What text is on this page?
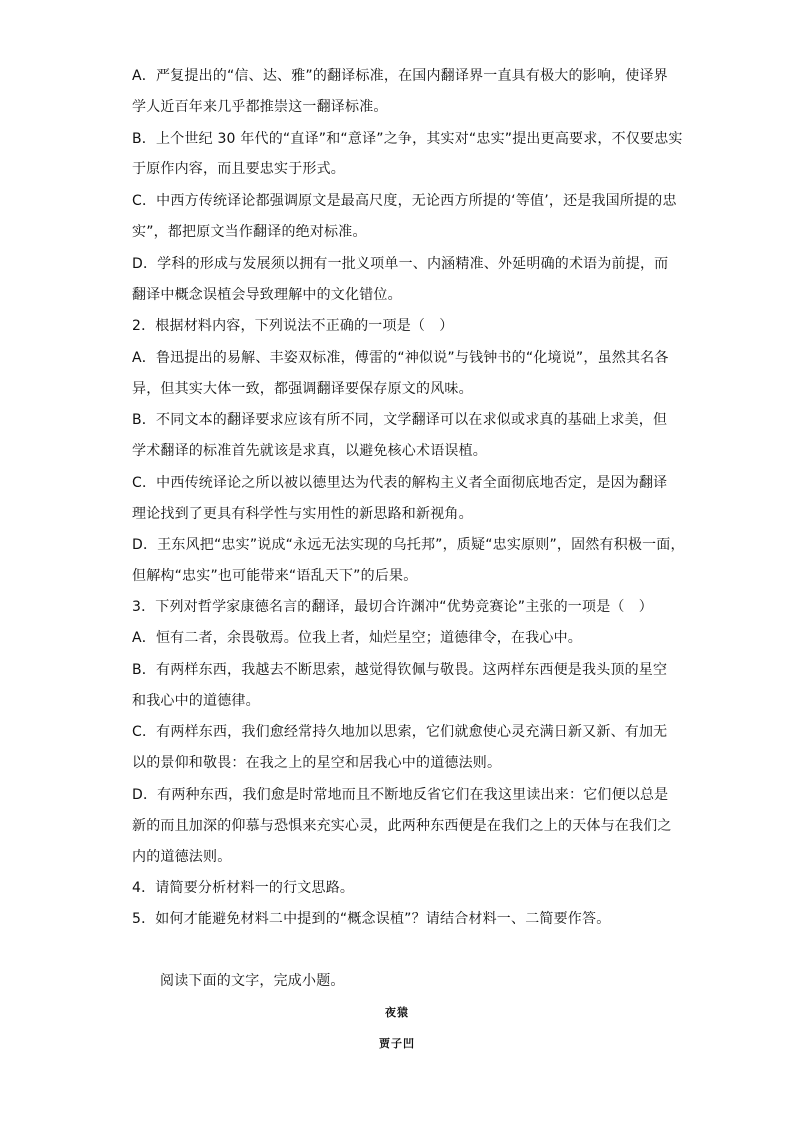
A．严复提出的“信、达、雅”的翻译标准，在国内翻译界一直具有极大的影响，使译界
学人近百年来几乎都推崇这一翻译标准。
B．上个世纪 30 年代的“直译”和“意译”之争，其实对“忠实”提出更高要求，不仅要忠实
于原作内容，而且要忠实于形式。
C．中西方传统译论都强调原文是最高尺度，无论西方所提的‘等值’，还是我国所提的忠
实”，都把原文当作翻译的绝对标准。
D．学科的形成与发展须以拥有一批义项单一、内涵精准、外延明确的术语为前提，而
翻译中概念误植会导致理解中的文化错位。
2．根据材料内容，下列说法不正确的一项是（　）
A．鲁迅提出的易解、丰姿双标准，傅雷的“神似说”与钱钟书的“化境说”，虽然其名各
异，但其实大体一致，都强调翻译要保存原文的风味。
B．不同文本的翻译要求应该有所不同，文学翻译可以在求似或求真的基础上求美，但
学术翻译的标准首先就该是求真，以避免核心术语误植。
C．中西传统译论之所以被以德里达为代表的解构主义者全面彻底地否定，是因为翻译
理论找到了更具有科学性与实用性的新思路和新视角。
D．王东风把“忠实”说成“永远无法实现的乌托邦”，质疑“忠实原则”，固然有积极一面，
但解构“忠实”也可能带来“语乱天下”的后果。
3．下列对哲学家康德名言的翻译，最切合许渊冲“优势竞赛论”主张的一项是（　）
A．恒有二者，余畏敬焉。位我上者，灿烂星空；道德律令，在我心中。
B．有两样东西，我越去不断思索，越觉得钦佩与敬畏。这两样东西便是我头顶的星空
和我心中的道德律。
C．有两样东西，我们愈经常持久地加以思索，它们就愈使心灵充满日新又新、有加无
以的景仰和敬畏：在我之上的星空和居我心中的道德法则。
D．有两种东西，我们愈是时常地而且不断地反省它们在我这里读出来：它们便以总是
新的而且加深的仰慕与恐惧来充实心灵，此两种东西便是在我们之上的天体与在我们之
内的道德法则。
4．请简要分析材料一的行文思路。
5．如何才能避免材料二中提到的“概念误植”？请结合材料一、二简要作答。
阅读下面的文字，完成小题。
夜猿
贾子凹
